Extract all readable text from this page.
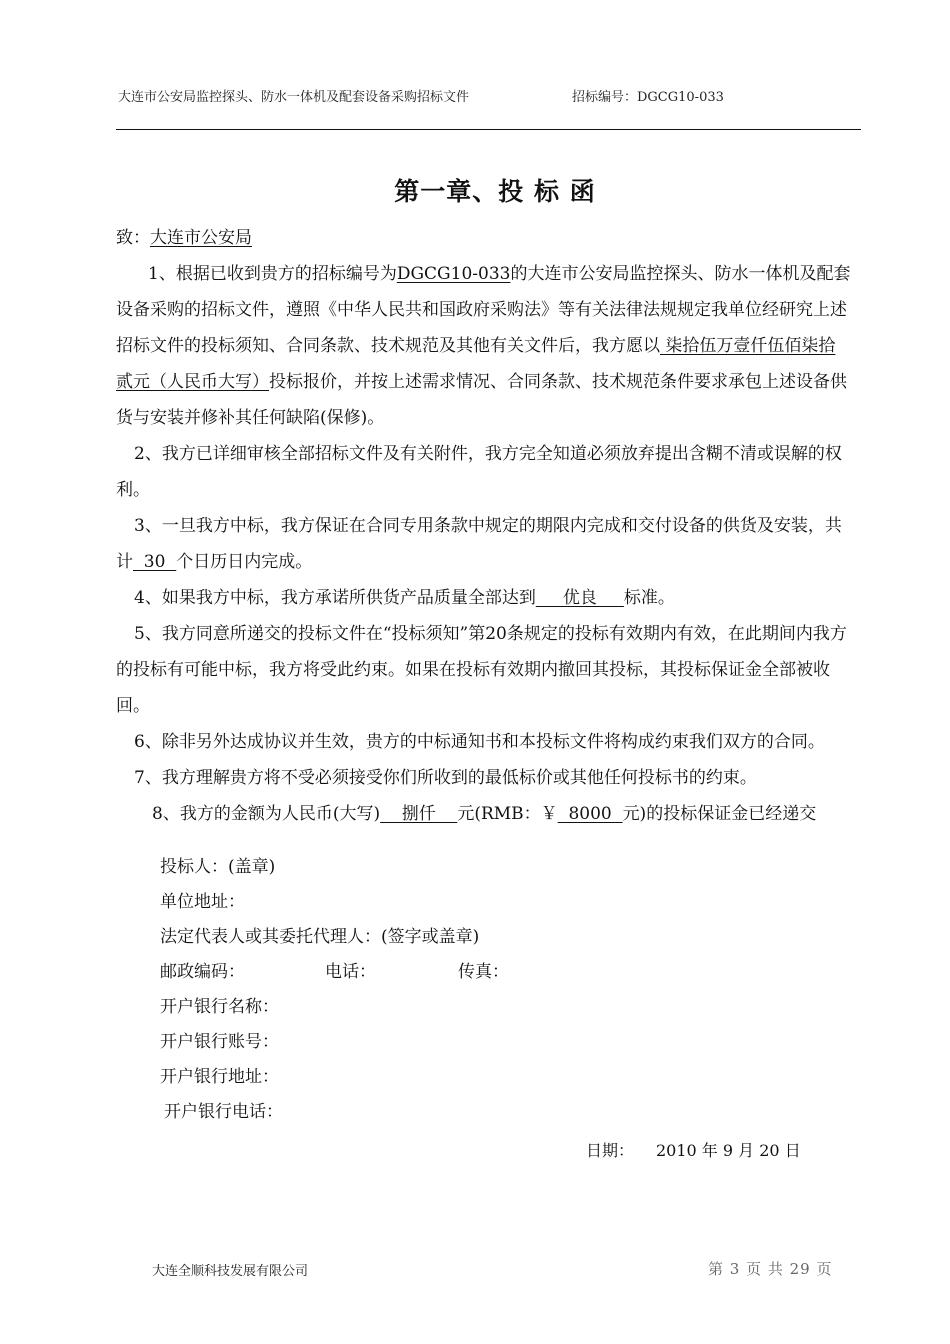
大连市公安局监控探头、防水一体机及配套设备采购招标文件	招标编号：DGCG10-033
第一章、投 标 函

致：大连市公安局

1、根据已收到贵方的招标编号为DGCG10-033的大连市公安局监控探头、防水一体机及配套设备采购的招标文件，遵照《中华人民共和国政府采购法》等有关法律法规规定我单位经研究上述招标文件的投标须知、合同条款、技术规范及其他有关文件后，我方愿以 柒拾伍万壹仟伍佰柒拾贰元（人民币大写）投标报价，并按上述需求情况、合同条款、技术规范条件要求承包上述设备供货与安装并修补其任何缺陷(保修)。

2、我方已详细审核全部招标文件及有关附件，我方完全知道必须放弃提出含糊不清或误解的权利。

3、一旦我方中标，我方保证在合同专用条款中规定的期限内完成和交付设备的供货及安装，共计  30  个日历日内完成。

4、如果我方中标，我方承诺所供货产品质量全部达到     优良     标准。

5、我方同意所递交的投标文件在“投标须知”第20条规定的投标有效期内有效，在此期间内我方的投标有可能中标，我方将受此约束。如果在投标有效期内撤回其投标，其投标保证金全部被收回。

6、除非另外达成协议并生效，贵方的中标通知书和本投标文件将构成约束我们双方的合同。

7、我方理解贵方将不受必须接受你们所收到的最低标价或其他任何投标书的约束。

8、我方的金额为人民币(大写)    捌仟    元(RMB：￥  8000  元)的投标保证金已经递交

投标人：(盖章)
单位地址：
法定代表人或其委托代理人：(签字或盖章)
邮政编码：	电话：	传真：
开户银行名称：
开户银行账号：
开户银行地址：
开户银行电话：
日期： 2010 年 9 月 20 日
大连全顺科技发展有限公司	第 3 页 共 29 页
